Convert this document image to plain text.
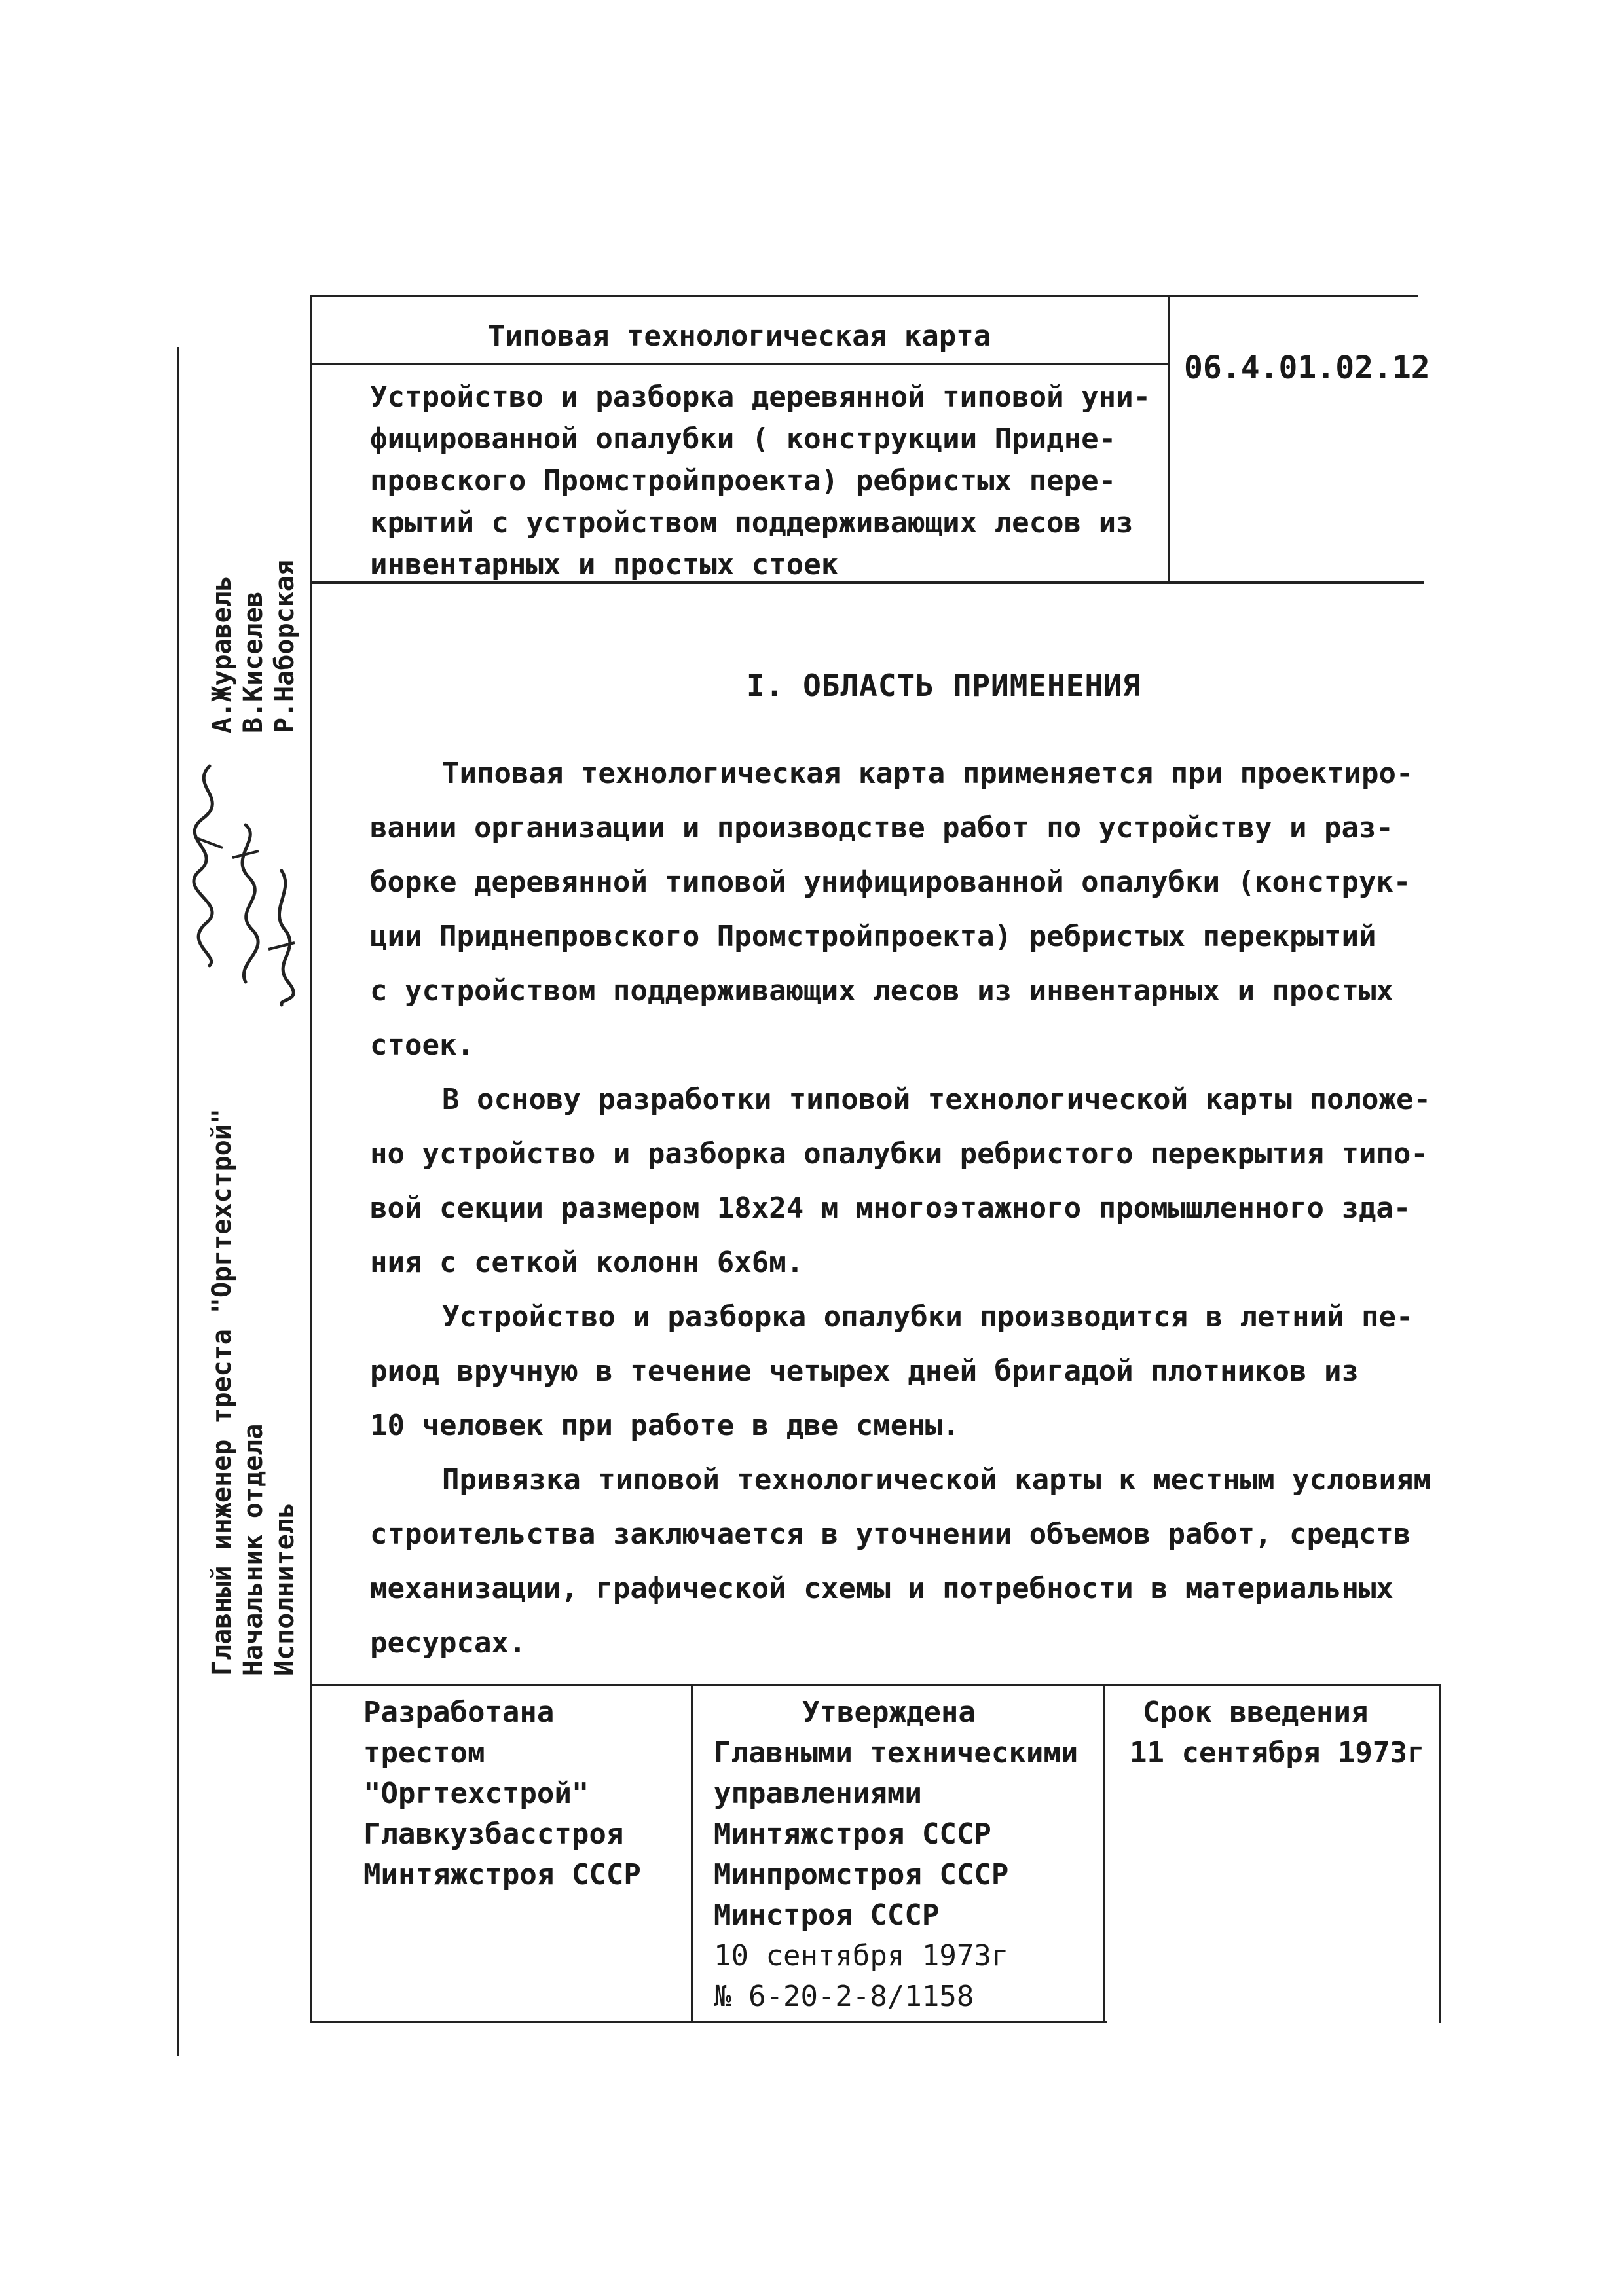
Типовая технологическая карта
06.4.01.02.12
Устройство и разборка деревянной типовой уни-
фицированной опалубки ( конструкции Придне-
провского Промстройпроекта) ребристых пере-
крытий с устройством поддерживающих лесов из
инвентарных и простых стоек
I. ОБЛАСТЬ ПРИМЕНЕНИЯ
Типовая технологическая карта применяется при проектиро-
вании организации и производстве работ по устройству и раз-
борке деревянной типовой унифицированной опалубки (конструк-
ции Приднепровского Промстройпроекта) ребристых перекрытий
с устройством поддерживающих лесов из инвентарных и простых
стоек.
В основу разработки типовой технологической карты положе-
но устройство и разборка опалубки ребристого перекрытия типо-
вой секции размером 18х24 м многоэтажного промышленного зда-
ния с сеткой колонн 6х6м.
Устройство и разборка опалубки производится в летний пе-
риод вручную в течение четырех дней бригадой плотников из
10 человек при работе в две смены.
Привязка типовой технологической карты к местным условиям
строительства заключается в уточнении объемов работ, средств
механизации, графической схемы и потребности в материальных
ресурсах.
А.Журавель В.Киселев Р.Наборская
Главный инженер треста "Оргтехстрой" Начальник отдела Исполнитель
Разработана
трестом
"Оргтехстрой"
Главкузбасстроя
Минтяжстроя СССР
Утверждена
Главными техническими
управлениями
Минтяжстроя СССР
Минпромстроя СССР
Минстроя СССР
10 сентября 1973г
№ 6-20-2-8/1158
Срок введения
11 сентября 1973г
